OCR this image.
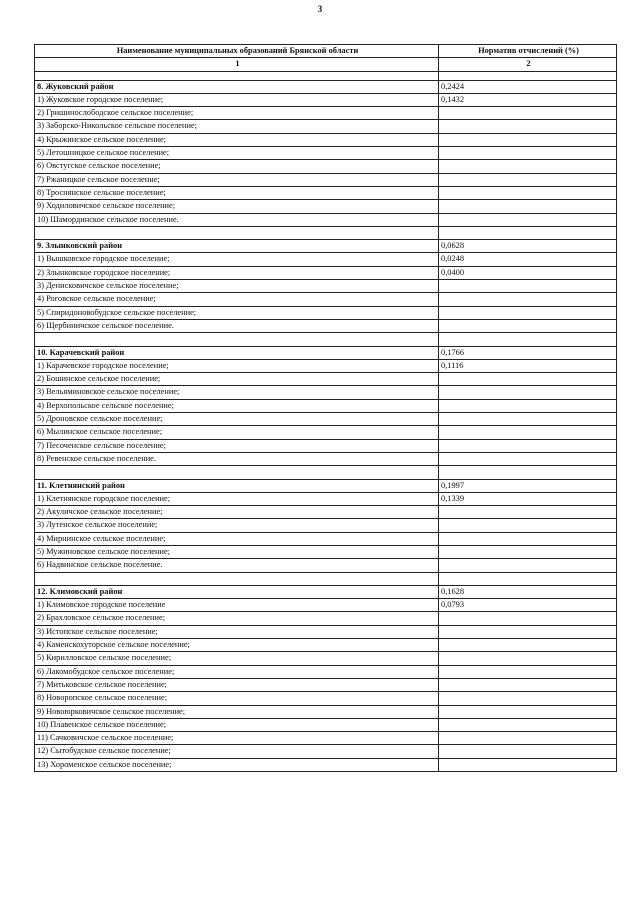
3
Наименование муниципальных образований Брянской области	Норматив отчислений (%)
1	2

8. Жуковский район	0,2424
1) Жуковское городское поселение;	0,1432
2) Гришинослободское сельское поселение;	
3) Заборско-Никольское сельское поселение;	
4) Крыжинское сельское поселение;	
5) Летошницкое сельское поселение;	
6) Овстугское сельское поселение;	
7) Ржаницкое сельское поселение;	
8) Троснянское сельское поселение;	
9) Ходиловичское сельское поселение;	
10) Шамординское сельское поселение.	

9. Злынковский район	0,0628
1) Вышковское городское поселение;	0,0248
2) Злынковское городское поселение;	0,0400
3) Денисковичское сельское поселение;	
4) Роговское сельское поселение;	
5) Спиридоновобудское сельское поселение;	
6) Щербиничское сельское поселение.	

10. Карачевский район	0,1766
1) Карачевское городское поселение;	0,1116
2) Бошинское сельское поселение;	
3) Вельяминовское сельское поселение;	
4) Верхопольское сельское поселение;	
5) Дроновское сельское поселение;	
6) Мылинское сельское поселение;	
7) Песоченское сельское поселение;	
8) Ревенское сельское поселение.	

11. Клетнянский район	0,1997
1) Клетнянское городское поселение;	0,1339
2) Акуличское сельское поселение;	
3) Лутенское сельское поселение;	
4) Мирнинское сельское поселение;	
5) Мужиновское сельское поселение;	
6) Надвинское сельское поселение.	

12. Климовский район	0,1628
1) Климовское городское поселение	0,0793
2) Брахловское сельское поселение;	
3) Истопское сельское поселение;	
4) Каменскохуторское сельское поселение;	
5) Кирилловское сельское поселение;	
6) Лакомобудское сельское поселение;	
7) Митьковское сельское поселение;	
8) Новоропское сельское поселение;	
9) Новоюрковичское сельское поселение;	
10) Плавенское сельское поселение;	
11) Сачковичское сельское поселение;	
12) Сытобудское сельское поселение;	
13) Хороменское сельское поселение;	
